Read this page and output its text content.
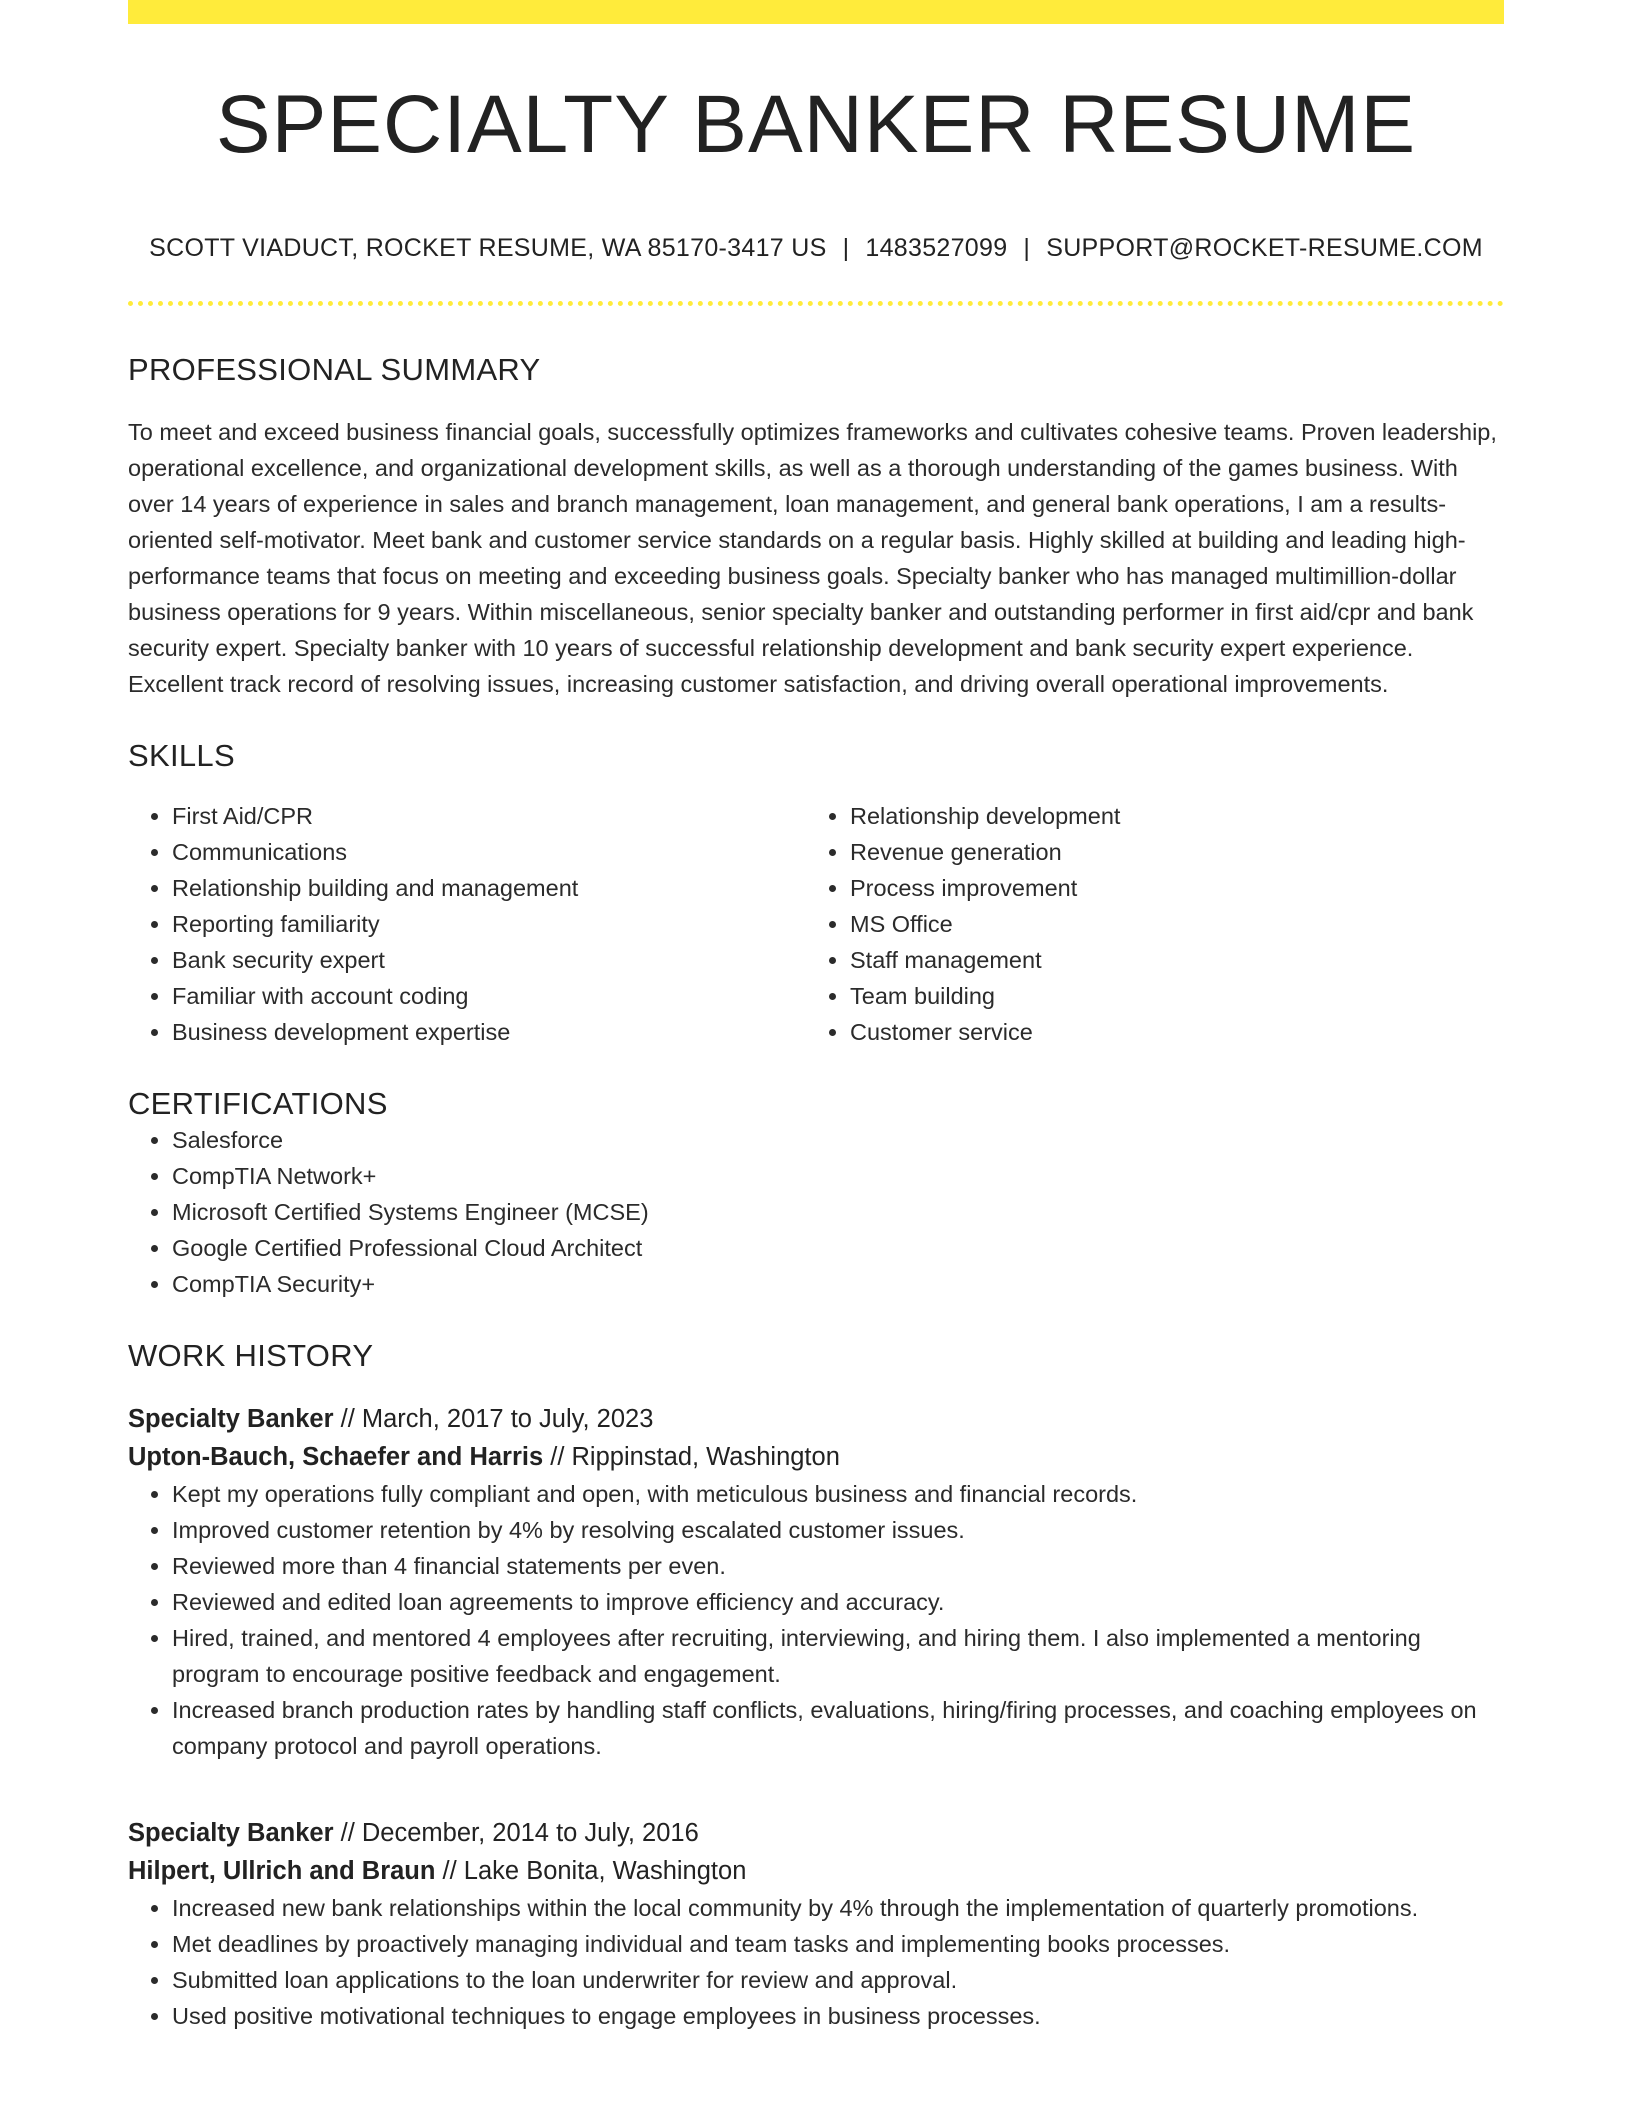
SPECIALTY BANKER RESUME
SCOTT VIADUCT, ROCKET RESUME, WA 85170-3417 US | 1483527099 | SUPPORT@ROCKET-RESUME.COM
PROFESSIONAL SUMMARY

To meet and exceed business financial goals, successfully optimizes frameworks and cultivates cohesive teams. Proven leadership, operational excellence, and organizational development skills, as well as a thorough understanding of the games business. With over 14 years of experience in sales and branch management, loan management, and general bank operations, I am a results-oriented self-motivator. Meet bank and customer service standards on a regular basis. Highly skilled at building and leading high-performance teams that focus on meeting and exceeding business goals. Specialty banker who has managed multimillion-dollar business operations for 9 years. Within miscellaneous, senior specialty banker and outstanding performer in first aid/cpr and bank security expert. Specialty banker with 10 years of successful relationship development and bank security expert experience. Excellent track record of resolving issues, increasing customer satisfaction, and driving overall operational improvements.

SKILLS
• First Aid/CPR
• Communications
• Relationship building and management
• Reporting familiarity
• Bank security expert
• Familiar with account coding
• Business development expertise
• Relationship development
• Revenue generation
• Process improvement
• MS Office
• Staff management
• Team building
• Customer service
CERTIFICATIONS
• Salesforce
• CompTIA Network+
• Microsoft Certified Systems Engineer (MCSE)
• Google Certified Professional Cloud Architect
• CompTIA Security+
WORK HISTORY
Specialty Banker // March, 2017 to July, 2023
Upton-Bauch, Schaefer and Harris // Rippinstad, Washington
• Kept my operations fully compliant and open, with meticulous business and financial records.
• Improved customer retention by 4% by resolving escalated customer issues.
• Reviewed more than 4 financial statements per even.
• Reviewed and edited loan agreements to improve efficiency and accuracy.
• Hired, trained, and mentored 4 employees after recruiting, interviewing, and hiring them. I also implemented a mentoring program to encourage positive feedback and engagement.
• Increased branch production rates by handling staff conflicts, evaluations, hiring/firing processes, and coaching employees on company protocol and payroll operations.
Specialty Banker // December, 2014 to July, 2016
Hilpert, Ullrich and Braun // Lake Bonita, Washington
• Increased new bank relationships within the local community by 4% through the implementation of quarterly promotions.
• Met deadlines by proactively managing individual and team tasks and implementing books processes.
• Submitted loan applications to the loan underwriter for review and approval.
• Used positive motivational techniques to engage employees in business processes.
